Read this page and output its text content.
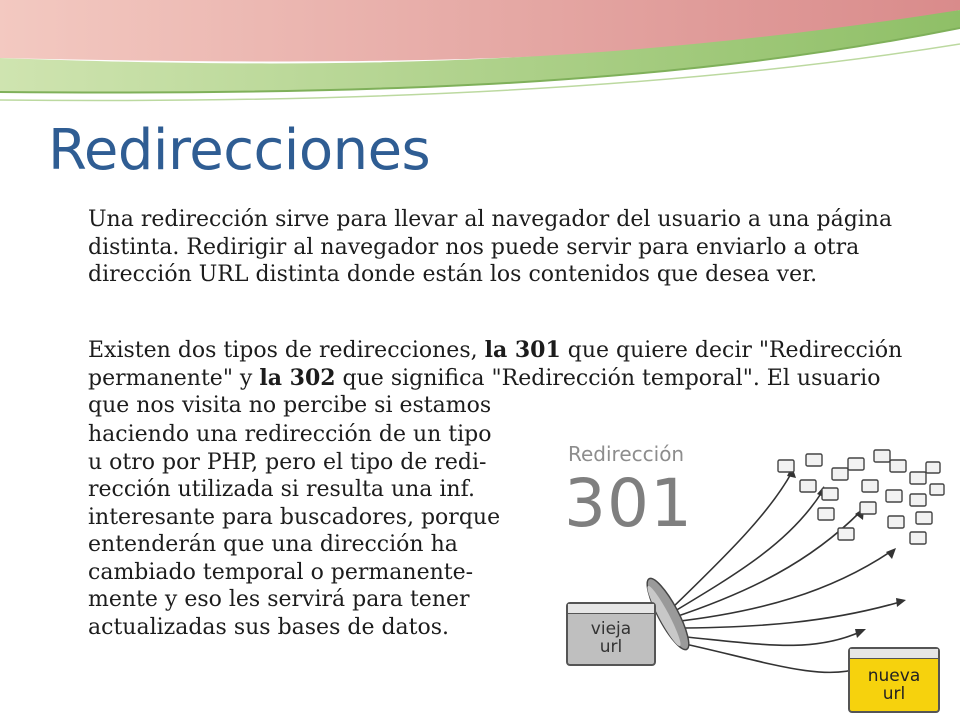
Redirecciones

Una redirección sirve para llevar al navegador del usuario a una página distinta. Redirigir al navegador nos puede servir para enviarlo a otra dirección URL distinta donde están los contenidos que desea ver.

Existen dos tipos de redirecciones, la 301 que quiere decir "Redirección permanente" y la 302 que significa "Redirección temporal". El usuario que nos visita no percibe si estamos

haciendo una redirección de un tipo
u otro por PHP, pero el tipo de redi-
rección utilizada si resulta una inf.
interesante para buscadores, porque
entenderán que una dirección ha
cambiado temporal o permanente-
mente y eso les servirá para tener
actualizadas sus bases de datos.

Redirección
301
vieja
url
nueva
url
